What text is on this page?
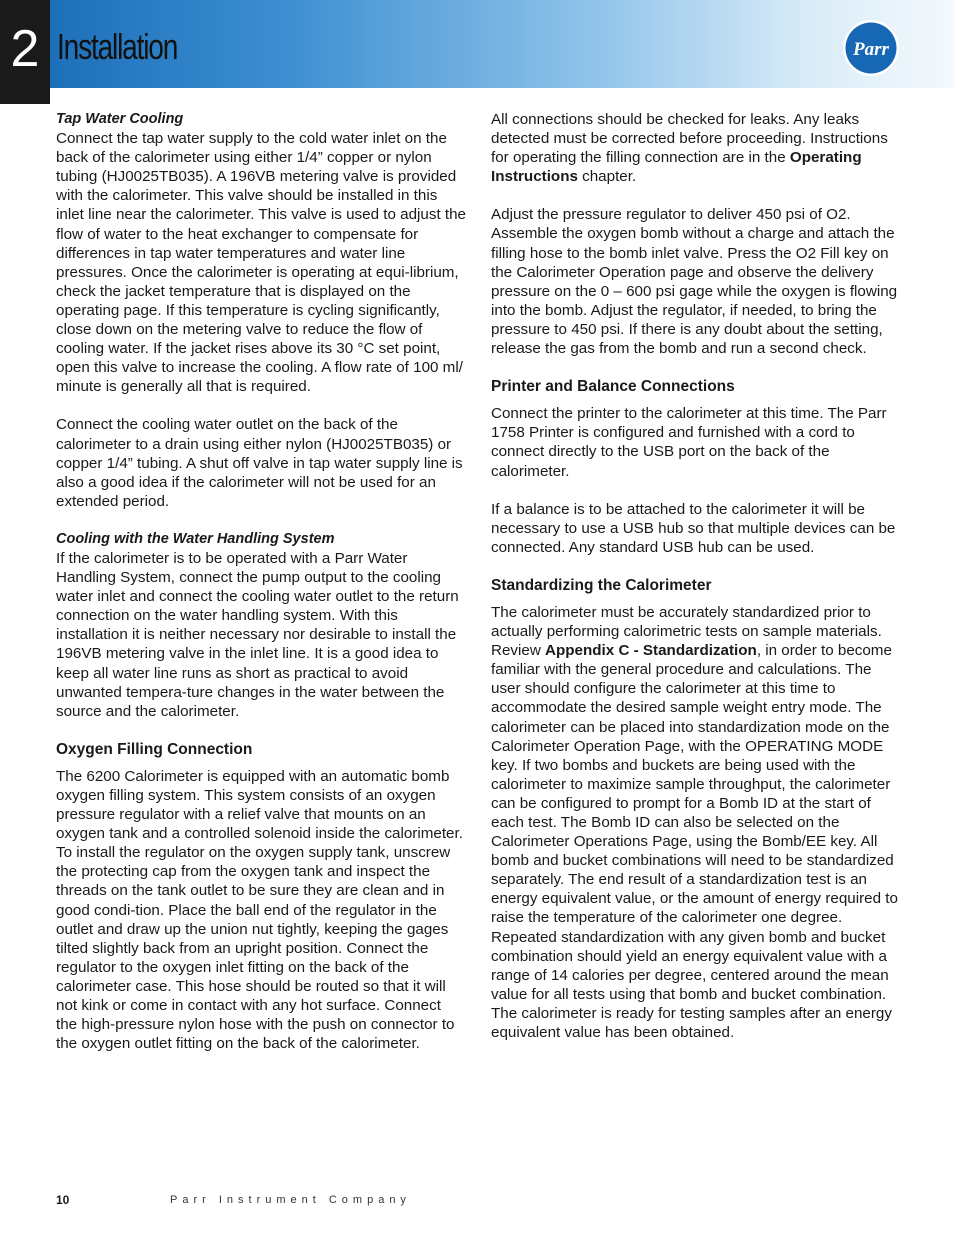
2 Installation	Parr

Tap Water Cooling
Connect the tap water supply to the cold water inlet on the back of the calorimeter using either 1/4” copper or nylon tubing (HJ0025TB035). A 196VB metering valve is provided with the calorimeter. This valve should be installed in this inlet line near the calorimeter. This valve is used to adjust the flow of water to the heat exchanger to compensate for differences in tap water temperatures and water line pressures. Once the calorimeter is operating at equi-librium, check the jacket temperature that is displayed on the operating page. If this temperature is cycling significantly, close down on the metering valve to reduce the flow of cooling water. If the jacket rises above its 30 °C set point, open this valve to increase the cooling. A flow rate of 100 ml/ minute is generally all that is required.

Connect the cooling water outlet on the back of the calorimeter to a drain using either nylon (HJ0025TB035) or copper 1/4” tubing. A shut off valve in tap water supply line is also a good idea if the calorimeter will not be used for an extended period.

Cooling with the Water Handling System
If the calorimeter is to be operated with a Parr Water Handling System, connect the pump output to the cooling water inlet and connect the cooling water outlet to the return connection on the water handling system. With this installation it is neither necessary nor desirable to install the 196VB metering valve in the inlet line. It is a good idea to keep all water line runs as short as practical to avoid unwanted tempera-ture changes in the water between the source and the calorimeter.

Oxygen Filling Connection

The 6200 Calorimeter is equipped with an automatic bomb oxygen filling system. This system consists of an oxygen pressure regulator with a relief valve that mounts on an oxygen tank and a controlled solenoid inside the calorimeter. To install the regulator on the oxygen supply tank, unscrew the protecting cap from the oxygen tank and inspect the threads on the tank outlet to be sure they are clean and in good condi-tion. Place the ball end of the regulator in the outlet and draw up the union nut tightly, keeping the gages tilted slightly back from an upright position. Connect the regulator to the oxygen inlet fitting on the back of the calorimeter case. This hose should be routed so that it will not kink or come in contact with any hot surface. Connect the high-pressure nylon hose with the push on connector to the oxygen outlet fitting on the back of the calorimeter.

All connections should be checked for leaks. Any leaks detected must be corrected before proceeding. Instructions for operating the filling connection are in the Operating Instructions chapter.

Adjust the pressure regulator to deliver 450 psi of O2. Assemble the oxygen bomb without a charge and attach the filling hose to the bomb inlet valve. Press the O2 Fill key on the Calorimeter Operation page and observe the delivery pressure on the 0 – 600 psi gage while the oxygen is flowing into the bomb. Adjust the regulator, if needed, to bring the pressure to 450 psi. If there is any doubt about the setting, release the gas from the bomb and run a second check.

Printer and Balance Connections

Connect the printer to the calorimeter at this time. The Parr 1758 Printer is configured and furnished with a cord to connect directly to the USB port on the back of the calorimeter.

If a balance is to be attached to the calorimeter it will be necessary to use a USB hub so that multiple devices can be connected. Any standard USB hub can be used.

Standardizing the Calorimeter

The calorimeter must be accurately standardized prior to actually performing calorimetric tests on sample materials. Review Appendix C - Standardization, in order to become familiar with the general procedure and calculations. The user should configure the calorimeter at this time to accommodate the desired sample weight entry mode. The calorimeter can be placed into standardization mode on the Calorimeter Operation Page, with the OPERATING MODE key. If two bombs and buckets are being used with the calorimeter to maximize sample throughput, the calorimeter can be configured to prompt for a Bomb ID at the start of each test. The Bomb ID can also be selected on the Calorimeter Operations Page, using the Bomb/EE key. All bomb and bucket combinations will need to be standardized separately. The end result of a standardization test is an energy equivalent value, or the amount of energy required to raise the temperature of the calorimeter one degree. Repeated standardization with any given bomb and bucket combination should yield an energy equivalent value with a range of 14 calories per degree, centered around the mean value for all tests using that bomb and bucket combination. The calorimeter is ready for testing samples after an energy equivalent value has been obtained.

10	Parr Instrument Company
